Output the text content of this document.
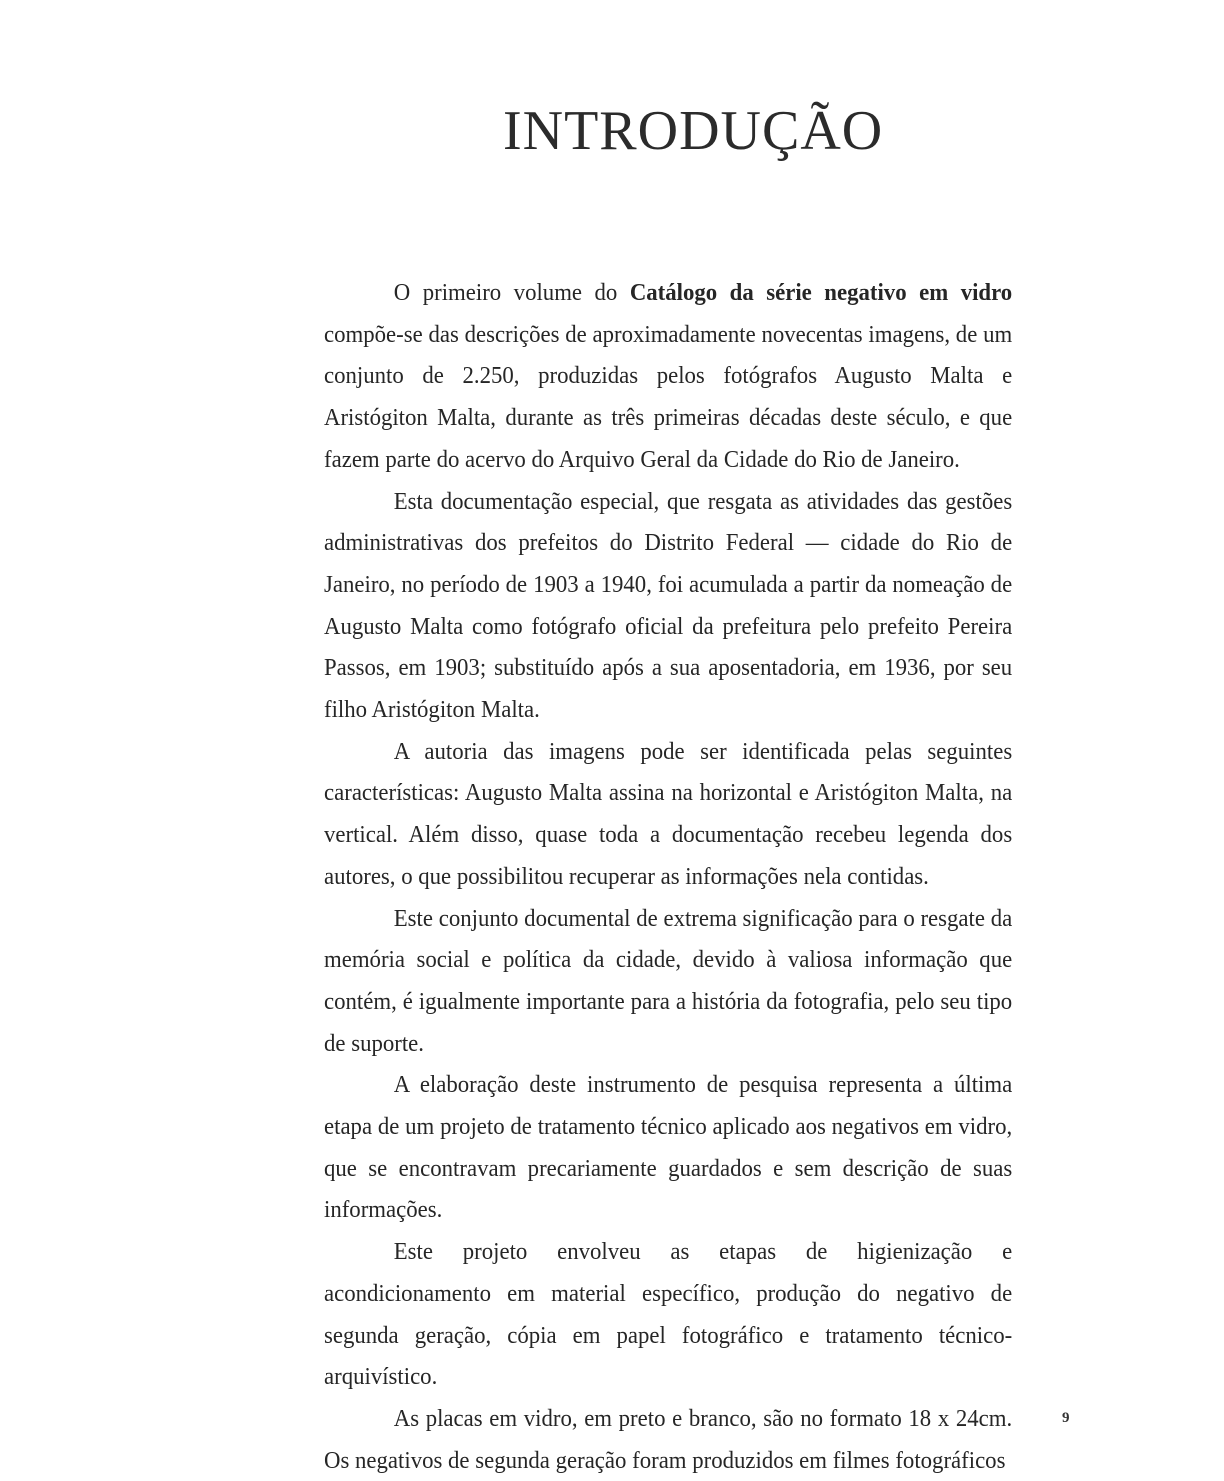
INTRODUÇÃO

O primeiro volume do Catálogo da série negativo em vidro compõe-se das descrições de aproximadamente novecentas imagens, de um conjunto de 2.250, produzidas pelos fotógrafos Augusto Malta e Aristógiton Malta, durante as três primeiras décadas deste século, e que fazem parte do acervo do Arquivo Geral da Cidade do Rio de Janeiro.

Esta documentação especial, que resgata as atividades das gestões administrativas dos prefeitos do Distrito Federal — cidade do Rio de Janeiro, no período de 1903 a 1940, foi acumulada a partir da nomeação de Augusto Malta como fotógrafo oficial da prefeitura pelo prefeito Pereira Passos, em 1903; substituído após a sua aposentadoria, em 1936, por seu filho Aristógiton Malta.

A autoria das imagens pode ser identificada pelas seguintes características: Augusto Malta assina na horizontal e Aristógiton Malta, na vertical. Além disso, quase toda a documentação recebeu legenda dos autores, o que possibilitou recuperar as informações nela contidas.

Este conjunto documental de extrema significação para o resgate da memória social e política da cidade, devido à valiosa informação que contém, é igualmente importante para a história da fotografia, pelo seu tipo de suporte.

A elaboração deste instrumento de pesquisa representa a última etapa de um projeto de tratamento técnico aplicado aos negativos em vidro, que se encontravam precariamente guardados e sem descrição de suas informações.

Este projeto envolveu as etapas de higienização e acondicionamento em material específico, produção do negativo de segunda geração, cópia em papel fotográfico e tratamento técnico-arquivístico.

As placas em vidro, em preto e branco, são no formato 18 x 24cm. Os negativos de segunda geração foram produzidos em filmes fotográficos

9
